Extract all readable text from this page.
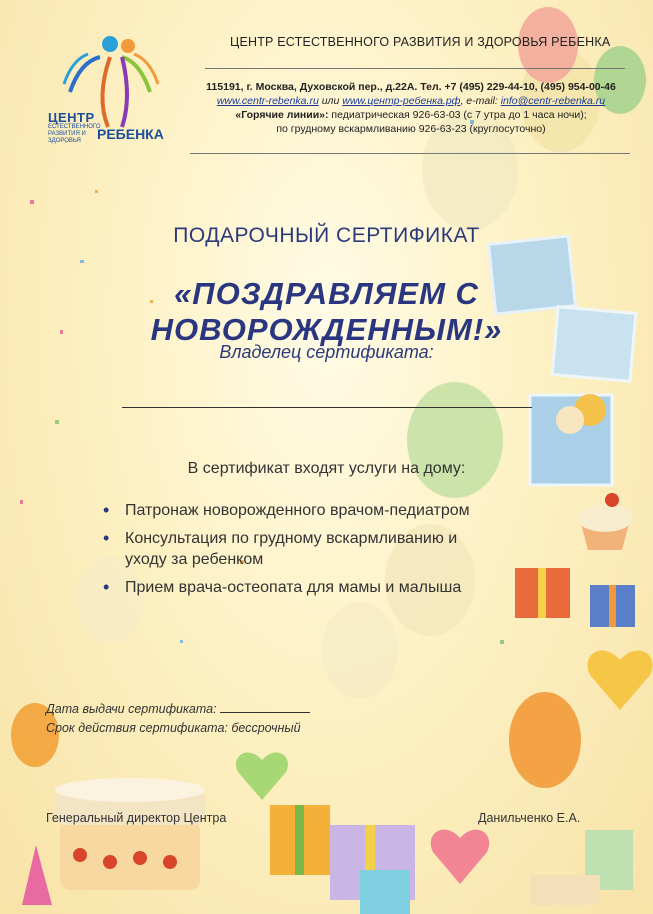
ЦЕНТР
ЕСТЕСТВЕННОГО РАЗВИТИЯ И ЗДОРОВЬЯ	РЕБЕНКА
ЦЕНТР ЕСТЕСТВЕННОГО РАЗВИТИЯ И ЗДОРОВЬЯ РЕБЕНКА
115191, г. Москва, Духовской пер., д.22А. Тел. +7 (495) 229-44-10, (495) 954-00-46
www.centr-rebenka.ru или www.центр-ребенка.рф, e-mail: info@centr-rebenka.ru
«Горячие линии»: педиатрическая 926-63-03 (с 7 утра до 1 часа ночи);
по грудному вскармливанию 926-63-23 (круглосуточно)
ПОДАРОЧНЫЙ СЕРТИФИКАТ
«ПОЗДРАВЛЯЕМ С НОВОРОЖДЕННЫМ!»
Владелец сертификата:
В сертификат входят услуги на дому:
• Патронаж новорожденного врачом-педиатром
• Консультация по грудному вскармливанию и уходу за ребенком
• Прием врача-остеопата для мамы и малыша
Дата выдачи сертификата:
Срок действия сертификата: бессрочный
Генеральный директор Центра	Данильченко Е.А.
